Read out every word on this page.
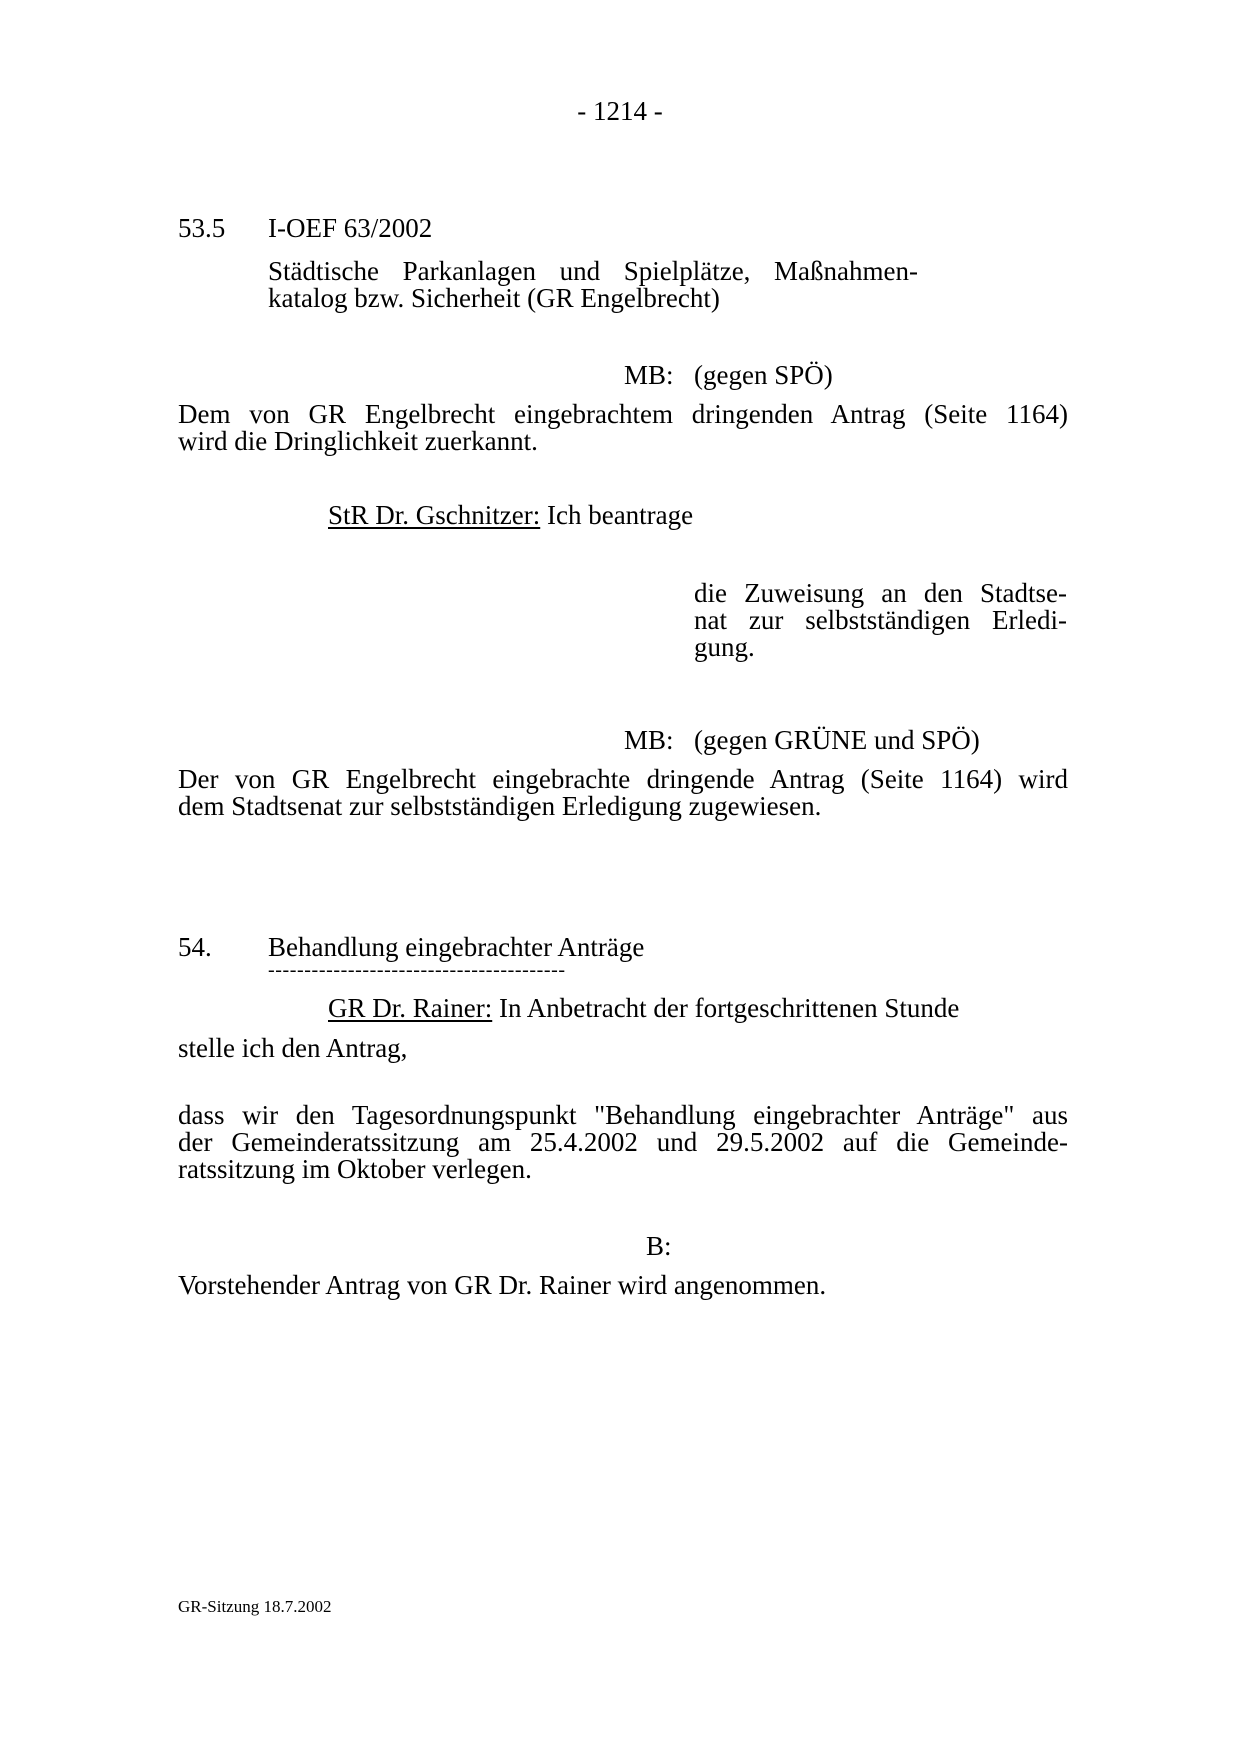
- 1214 -
53.5 I-OEF 63/2002
Städtische Parkanlagen und Spielplätze, Maßnahmen-
katalog bzw. Sicherheit (GR Engelbrecht)
MB: (gegen SPÖ)
Dem von GR Engelbrecht eingebrachtem dringenden Antrag (Seite 1164)
wird die Dringlichkeit zuerkannt.
StR Dr. Gschnitzer: Ich beantrage
die Zuweisung an den Stadtse-
nat zur selbstständigen Erledi-
gung.
MB: (gegen GRÜNE und SPÖ)
Der von GR Engelbrecht eingebrachte dringende Antrag (Seite 1164) wird
dem Stadtsenat zur selbstständigen Erledigung zugewiesen.
54. Behandlung eingebrachter Anträge
-----------------------------------------
GR Dr. Rainer: In Anbetracht der fortgeschrittenen Stunde
stelle ich den Antrag,
dass wir den Tagesordnungspunkt "Behandlung eingebrachter Anträge" aus
der Gemeinderatssitzung am 25.4.2002 und 29.5.2002 auf die Gemeinde-
ratssitzung im Oktober verlegen.
B:
Vorstehender Antrag von GR Dr. Rainer wird angenommen.
GR-Sitzung 18.7.2002
